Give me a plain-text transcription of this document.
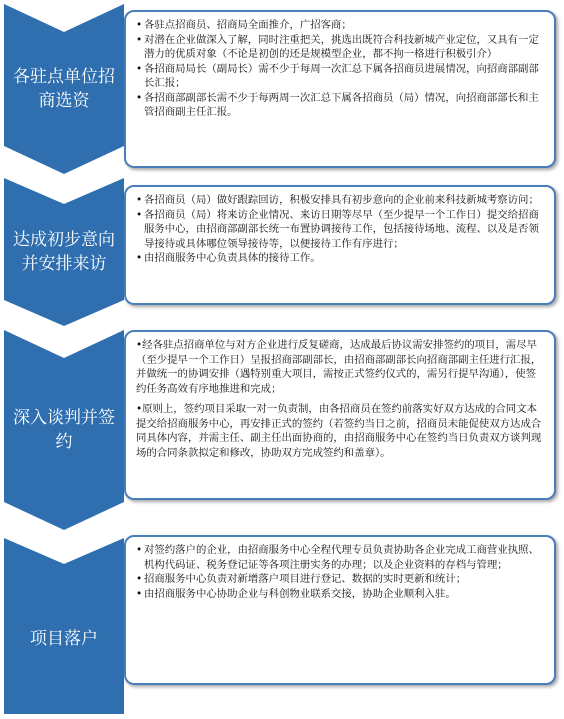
各驻点单位招商选资
• 各驻点招商员、招商局全面推介，广招客商；
• 对潜在企业做深入了解，同时注重把关，挑选出既符合科技新城产业定位，又具有一定潜力的优质对象（不论是初创的还是规模型企业，都不拘一格进行积极引介）
• 各招商局局长（副局长）需不少于每周一次汇总下属各招商员进展情况，向招商部副部长汇报；
• 各招商部副部长需不少于每两周一次汇总下属各招商员（局）情况，向招商部部长和主管招商副主任汇报。
达成初步意向并安排来访
• 各招商员（局）做好跟踪回访，积极安排具有初步意向的企业前来科技新城考察访问；
• 各招商员（局）将来访企业情况、来访日期等尽早（至少提早一个工作日）提交给招商服务中心，由招商部副部长统一布置协调接待工作，包括接待场地、流程、以及是否领导接待或具体哪位领导接待等，以便接待工作有序进行；
• 由招商服务中心负责具体的接待工作。
深入谈判并签约
•经各驻点招商单位与对方企业进行反复磋商，达成最后协议需安排签约的项目，需尽早（至少提早一个工作日）呈报招商部副部长，由招商部副部长向招商部副主任进行汇报，并做统一的协调安排（遇特别重大项目，需按正式签约仪式的，需另行提早沟通），使签约任务高效有序地推进和完成；
•原则上，签约项目采取一对一负责制，由各招商员在签约前落实好双方达成的合同文本提交给招商服务中心，再安排正式的签约（若签约当日之前，招商员未能促使双方达成合同具体内容，并需主任、副主任出面协商的，由招商服务中心在签约当日负责双方谈判现场的合同条款拟定和修改，协助双方完成签约和盖章）。
项目落户
• 对签约落户的企业，由招商服务中心全程代理专员负责协助各企业完成工商营业执照、机构代码证、税务登记证等各项注册实务的办理；以及企业资料的存档与管理；
• 招商服务中心负责对新增落户项目进行登记、数据的实时更新和统计；
• 由招商服务中心协助企业与科创物业联系交接，协助企业顺利入驻。
